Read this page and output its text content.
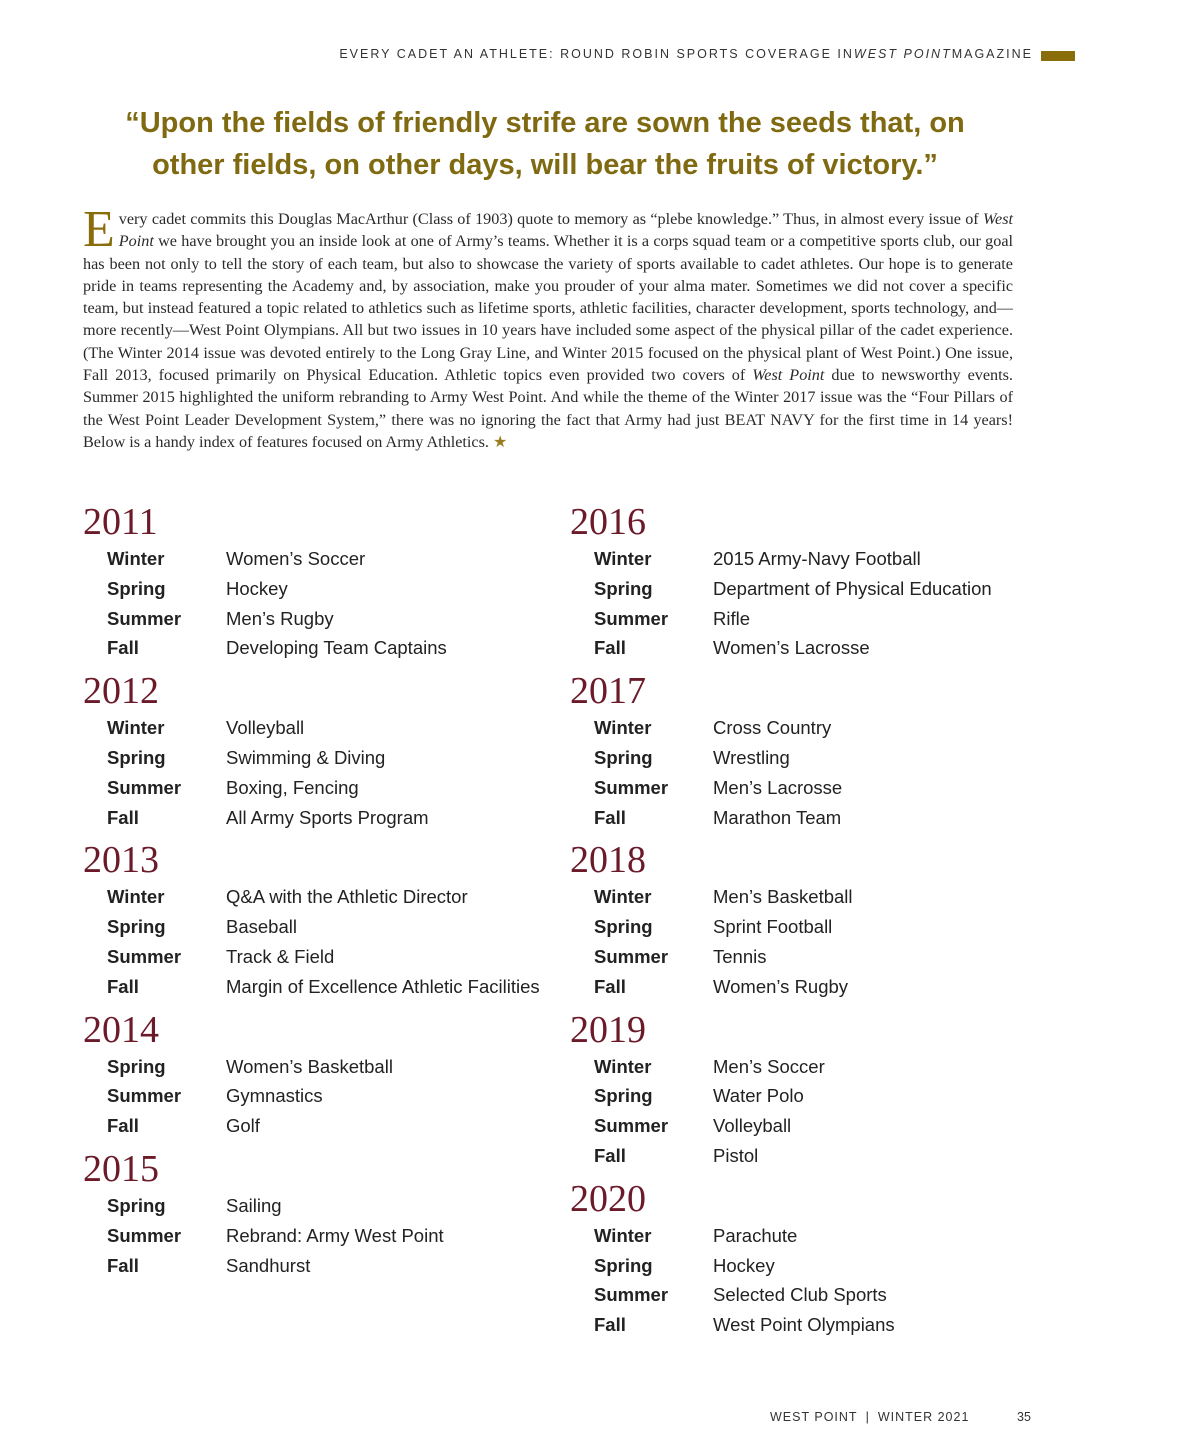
EVERY CADET AN ATHLETE: ROUND ROBIN SPORTS COVERAGE IN WEST POINT MAGAZINE
“Upon the fields of friendly strife are sown the seeds that, on
other fields, on other days, will bear the fruits of victory.”
Every cadet commits this Douglas MacArthur (Class of 1903) quote to memory as “plebe knowledge.” Thus, in almost every issue of West Point we have brought you an inside look at one of Army’s teams. Whether it is a corps squad team or a competitive sports club, our goal has been not only to tell the story of each team, but also to showcase the variety of sports available to cadet athletes. Our hope is to generate pride in teams representing the Academy and, by association, make you prouder of your alma mater. Sometimes we did not cover a specific team, but instead featured a topic related to athletics such as lifetime sports, athletic facilities, character development, sports technology, and—more recently—West Point Olympians. All but two issues in 10 years have included some aspect of the physical pillar of the cadet experience. (The Winter 2014 issue was devoted entirely to the Long Gray Line, and Winter 2015 focused on the physical plant of West Point.) One issue, Fall 2013, focused primarily on Physical Education. Athletic topics even provided two covers of West Point due to newsworthy events. Summer 2015 highlighted the uniform rebranding to Army West Point. And while the theme of the Winter 2017 issue was the “Four Pillars of the West Point Leader Development System,” there was no ignoring the fact that Army had just BEAT NAVY for the first time in 14 years! Below is a handy index of features focused on Army Athletics. ★
2011
Winter	Women’s Soccer
Spring	Hockey
Summer	Men’s Rugby
Fall	Developing Team Captains
2012
Winter	Volleyball
Spring	Swimming & Diving
Summer	Boxing, Fencing
Fall	All Army Sports Program
2013
Winter	Q&A with the Athletic Director
Spring	Baseball
Summer	Track & Field
Fall	Margin of Excellence Athletic Facilities
2014
Spring	Women’s Basketball
Summer	Gymnastics
Fall	Golf
2015
Spring	Sailing
Summer	Rebrand: Army West Point
Fall	Sandhurst
2016
Winter	2015 Army-Navy Football
Spring	Department of Physical Education
Summer	Rifle
Fall	Women’s Lacrosse
2017
Winter	Cross Country
Spring	Wrestling
Summer	Men’s Lacrosse
Fall	Marathon Team
2018
Winter	Men’s Basketball
Spring	Sprint Football
Summer	Tennis
Fall	Women’s Rugby
2019
Winter	Men’s Soccer
Spring	Water Polo
Summer	Volleyball
Fall	Pistol
2020
Winter	Parachute
Spring	Hockey
Summer	Selected Club Sports
Fall	West Point Olympians
WEST POINT | WINTER 2021	35
